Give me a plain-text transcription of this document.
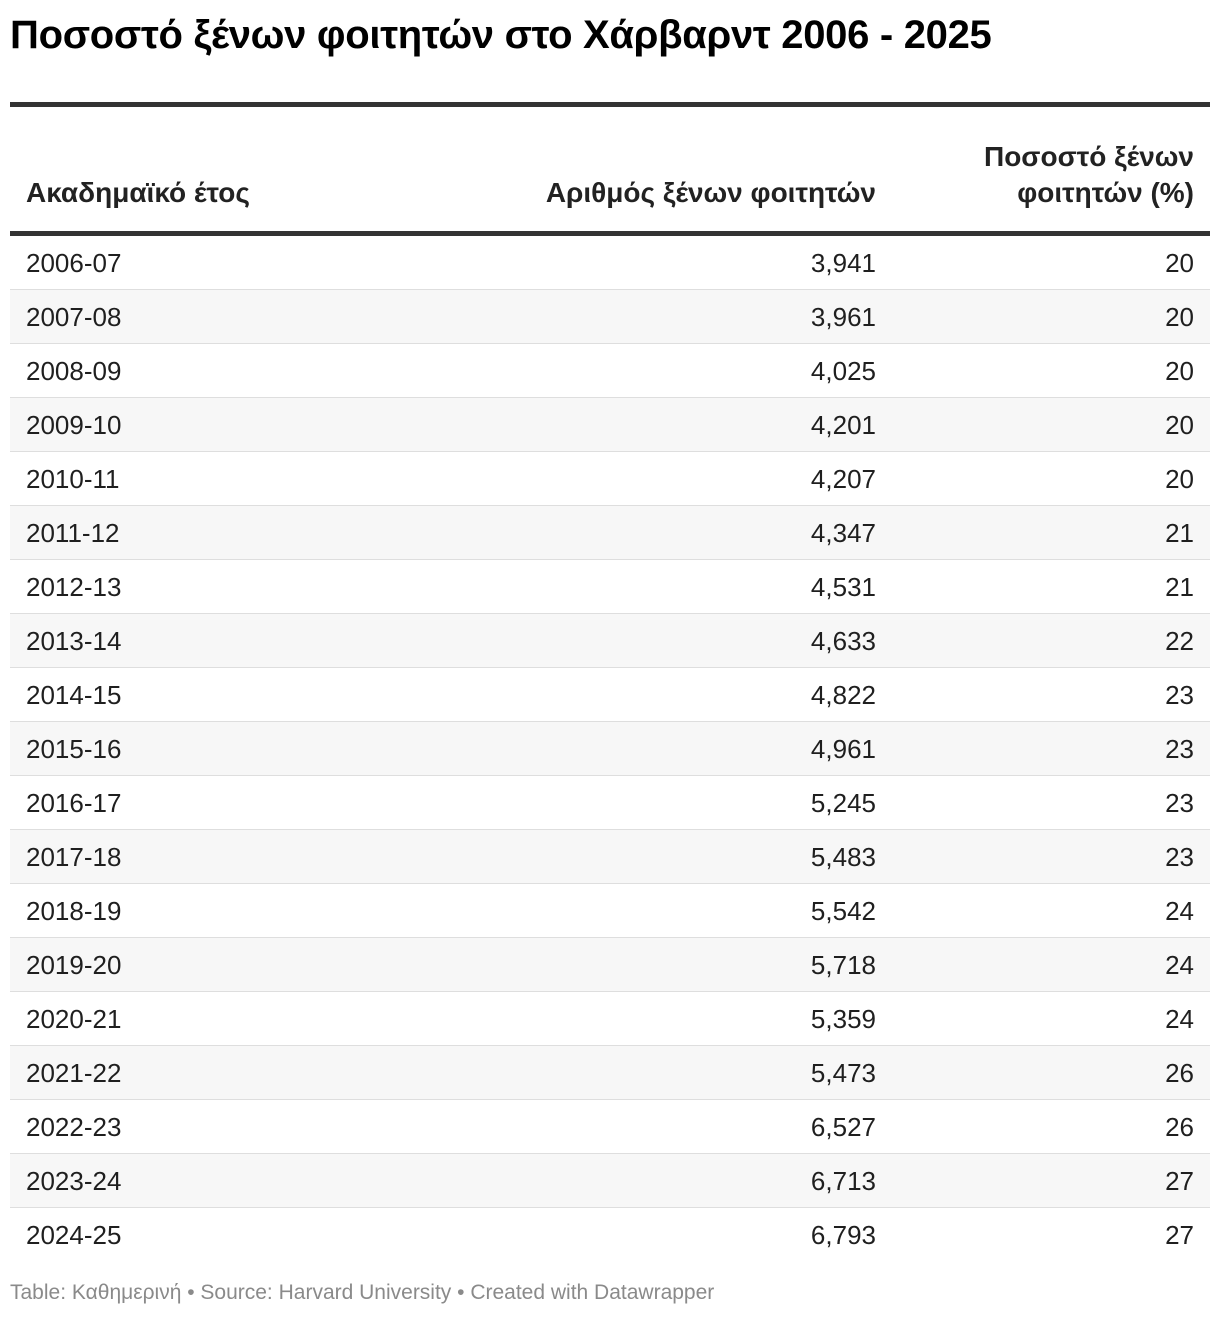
Ποσοστό ξένων φοιτητών στο Χάρβαρντ 2006 - 2025
Ακαδημαϊκό έτος	Αριθμός ξένων φοιτητών	Ποσοστό ξένων φοιτητών (%)
2006-07	3,941	20
2007-08	3,961	20
2008-09	4,025	20
2009-10	4,201	20
2010-11	4,207	20
2011-12	4,347	21
2012-13	4,531	21
2013-14	4,633	22
2014-15	4,822	23
2015-16	4,961	23
2016-17	5,245	23
2017-18	5,483	23
2018-19	5,542	24
2019-20	5,718	24
2020-21	5,359	24
2021-22	5,473	26
2022-23	6,527	26
2023-24	6,713	27
2024-25	6,793	27
Table: Καθημερινή • Source: Harvard University • Created with Datawrapper
